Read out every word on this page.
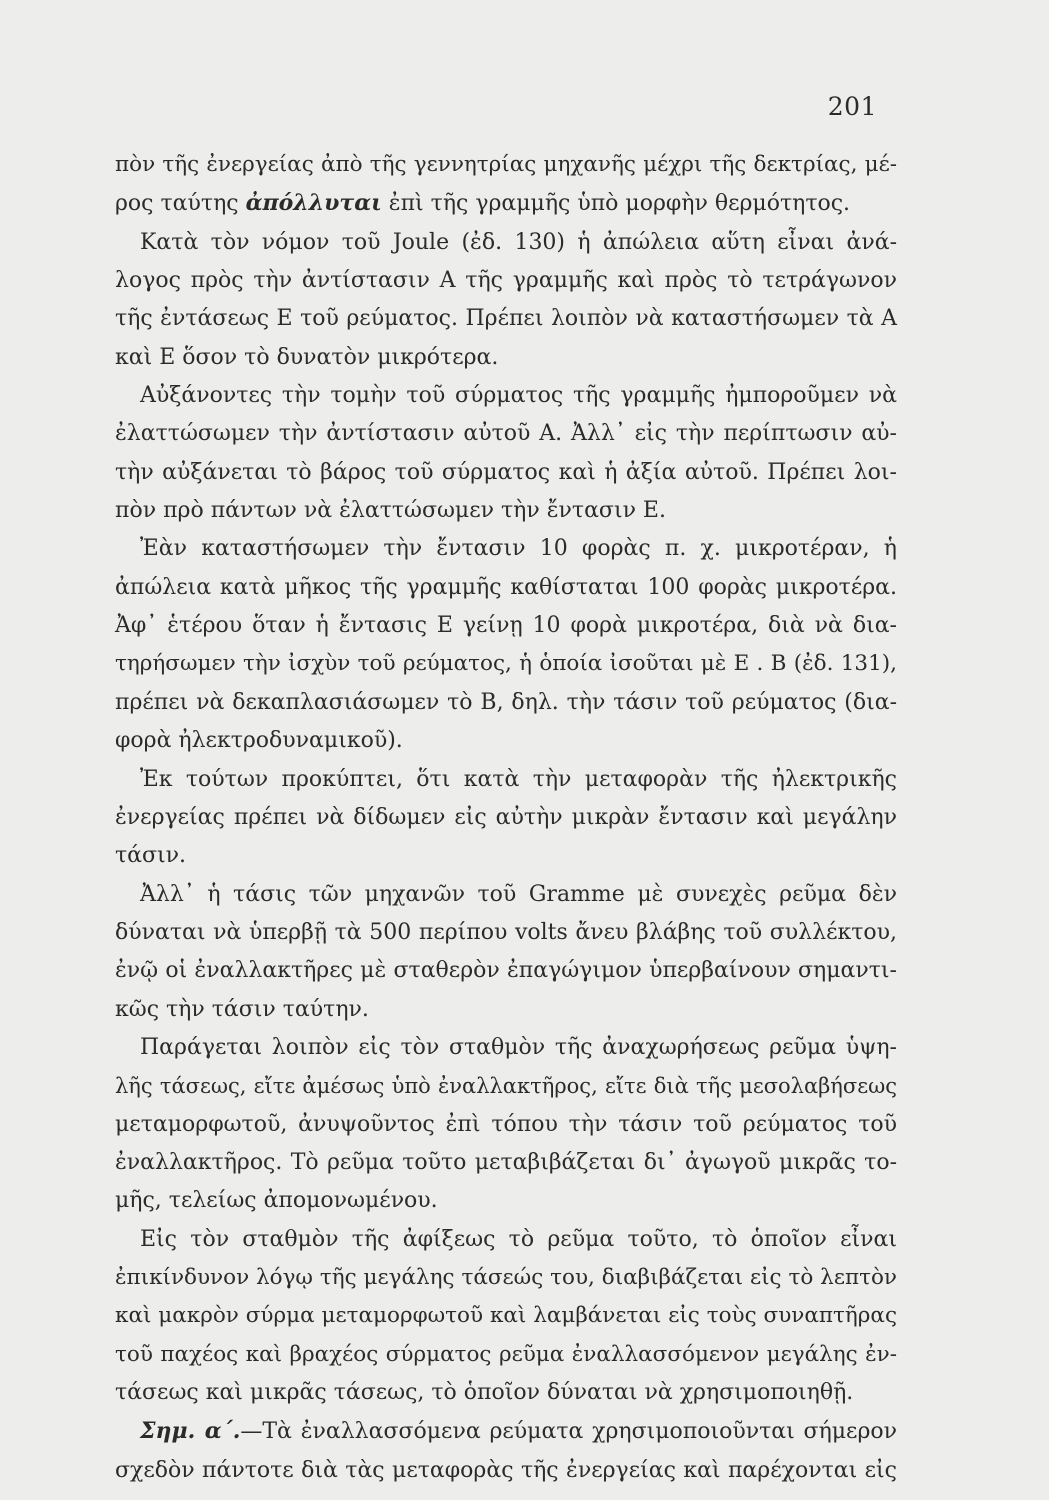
201
πὸν τῆς ἐνεργείας ἀπὸ τῆς γεννητρίας μηχανῆς μέχρι τῆς δεκτρίας, μέ-
ρος ταύτης ἀπόλλυται ἐπὶ τῆς γραμμῆς ὑπὸ μορφὴν θερμότητος.
Κατὰ τὸν νόμον τοῦ Joule (ἐδ. 130) ἡ ἀπώλεια αὕτη εἶναι ἀνά-
λογος πρὸς τὴν ἀντίστασιν Α τῆς γραμμῆς καὶ πρὸς τὸ τετράγωνον
τῆς ἐντάσεως Ε τοῦ ρεύματος. Πρέπει λοιπὸν νὰ καταστήσωμεν τὰ Α
καὶ Ε ὅσον τὸ δυνατὸν μικρότερα.
Αὐξάνοντες τὴν τομὴν τοῦ σύρματος τῆς γραμμῆς ἠμποροῦμεν νὰ
ἐλαττώσωμεν τὴν ἀντίστασιν αὐτοῦ Α. Ἀλλ᾽ εἰς τὴν περίπτωσιν αὐ-
τὴν αὐξάνεται τὸ βάρος τοῦ σύρματος καὶ ἡ ἀξία αὐτοῦ. Πρέπει λοι-
πὸν πρὸ πάντων νὰ ἐλαττώσωμεν τὴν ἔντασιν Ε.
Ἐὰν καταστήσωμεν τὴν ἔντασιν 10 φορὰς π. χ. μικροτέραν, ἡ
ἀπώλεια κατὰ μῆκος τῆς γραμμῆς καθίσταται 100 φορὰς μικροτέρα.
Ἀφ᾽ ἑτέρου ὅταν ἡ ἔντασις Ε γείνῃ 10 φορὰ μικροτέρα, διὰ νὰ δια-
τηρήσωμεν τὴν ἰσχὺν τοῦ ρεύματος, ἡ ὁποία ἰσοῦται μὲ Ε . Β (ἐδ. 131),
πρέπει νὰ δεκαπλασιάσωμεν τὸ Β, δηλ. τὴν τάσιν τοῦ ρεύματος (δια-
φορὰ ἠλεκτροδυναμικοῦ).
Ἐκ τούτων προκύπτει, ὅτι κατὰ τὴν μεταφορὰν τῆς ἠλεκτρικῆς
ἐνεργείας πρέπει νὰ δίδωμεν εἰς αὐτὴν μικρὰν ἔντασιν καὶ μεγάλην
τάσιν.
Ἀλλ᾽ ἡ τάσις τῶν μηχανῶν τοῦ Gramme μὲ συνεχὲς ρεῦμα δὲν
δύναται νὰ ὑπερβῇ τὰ 500 περίπου volts ἄνευ βλάβης τοῦ συλλέκτου,
ἐνῷ οἱ ἐναλλακτῆρες μὲ σταθερὸν ἐπαγώγιμον ὑπερβαίνουν σημαντι-
κῶς τὴν τάσιν ταύτην.
Παράγεται λοιπὸν εἰς τὸν σταθμὸν τῆς ἀναχωρήσεως ρεῦμα ὑψη-
λῆς τάσεως, εἴτε ἀμέσως ὑπὸ ἐναλλακτῆρος, εἴτε διὰ τῆς μεσολαβήσεως
μεταμορφωτοῦ, ἀνυψοῦντος ἐπὶ τόπου τὴν τάσιν τοῦ ρεύματος τοῦ
ἐναλλακτῆρος. Τὸ ρεῦμα τοῦτο μεταβιβάζεται δι᾽ ἀγωγοῦ μικρᾶς το-
μῆς, τελείως ἀπομονωμένου.
Εἰς τὸν σταθμὸν τῆς ἀφίξεως τὸ ρεῦμα τοῦτο, τὸ ὁποῖον εἶναι
ἐπικίνδυνον λόγῳ τῆς μεγάλης τάσεώς του, διαβιβάζεται εἰς τὸ λεπτὸν
καὶ μακρὸν σύρμα μεταμορφωτοῦ καὶ λαμβάνεται εἰς τοὺς συναπτῆρας
τοῦ παχέος καὶ βραχέος σύρματος ρεῦμα ἐναλλασσόμενον μεγάλης ἐν-
τάσεως καὶ μικρᾶς τάσεως, τὸ ὁποῖον δύναται νὰ χρησιμοποιηθῇ.
Σημ. α΄.—Τὰ ἐναλλασσόμενα ρεύματα χρησιμοποιοῦνται σήμερον
σχεδὸν πάντοτε διὰ τὰς μεταφορὰς τῆς ἐνεργείας καὶ παρέχονται εἰς
